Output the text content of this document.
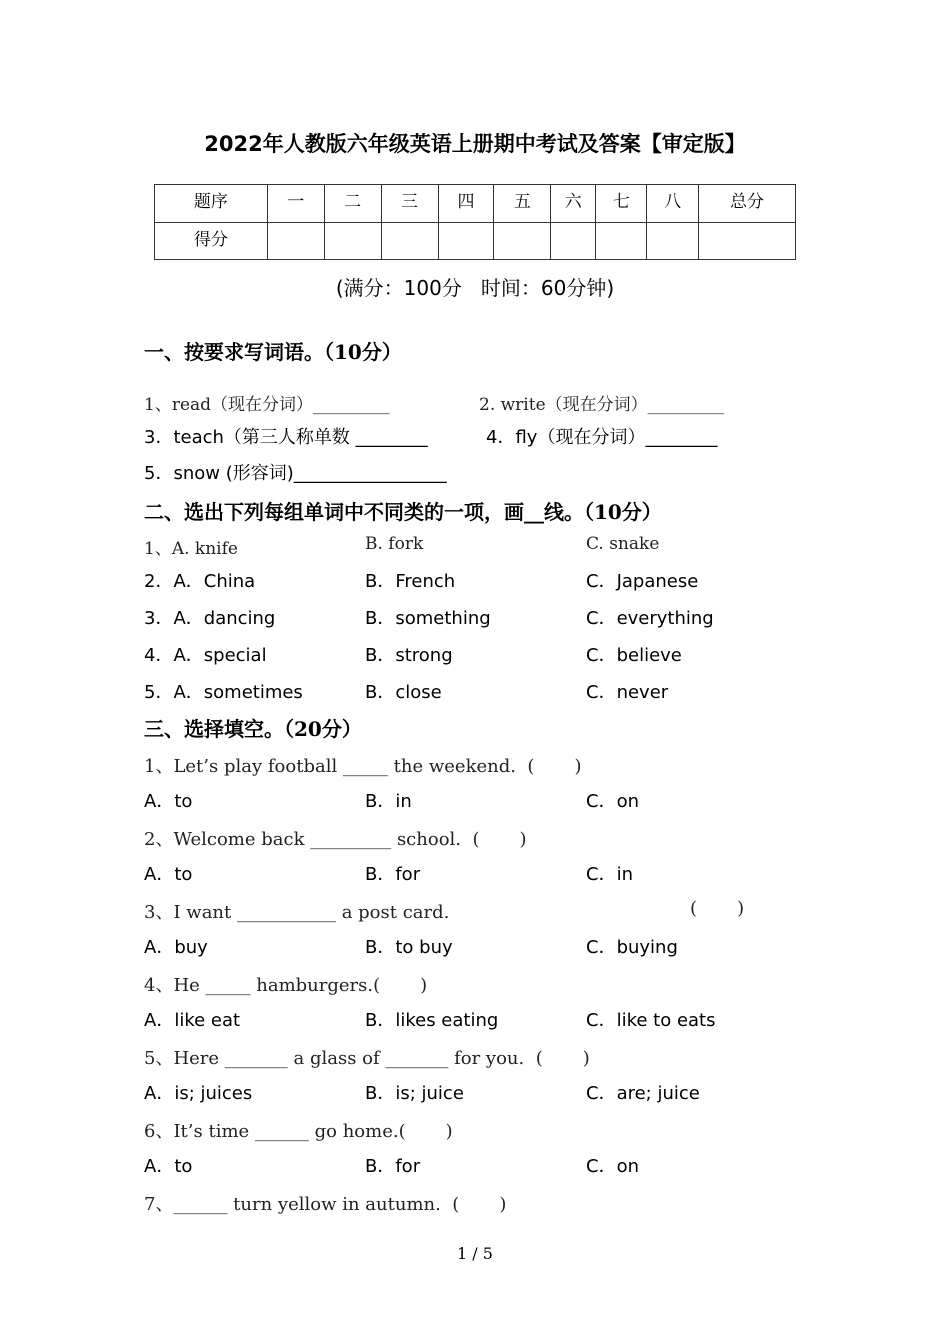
2022年人教版六年级英语上册期中考试及答案【审定版】
题序	一	二	三	四	五	六	七	八	总分
得分									
(满分：100分   时间：60分钟)
一、按要求写词语。（10分）
1、read（现在分词）_________	2. write（现在分词）_________
3．teach（第三人称单数 ________	4．fly（现在分词）________
5．snow (形容词)_________________
二、选出下列每组单词中不同类的一项，画__线。（10分）
1、A. knife	B. fork	C. snake
2．A．China	B．French	C．Japanese
3．A．dancing	B．something	C．everything
4．A．special	B．strong	C．believe
5．A．sometimes	B．close	C．never
三、选择填空。（20分）
1、Let’s play football _____ the weekend.  (       )
A．to	B．in	C．on
2、Welcome back _________ school.  (       )
A．to	B．for	C．in
3、I want ___________ a post card.	(       )
A．buy	B．to buy	C．buying
4、He _____ hamburgers.(       )
A．like eat	B．likes eating	C．like to eats
5、Here _______ a glass of _______ for you.  (       )
A．is; juices	B．is; juice	C．are; juice
6、It’s time ______ go home.(       )
A．to	B．for	C．on
7、______ turn yellow in autumn.  (       )
1 / 5
